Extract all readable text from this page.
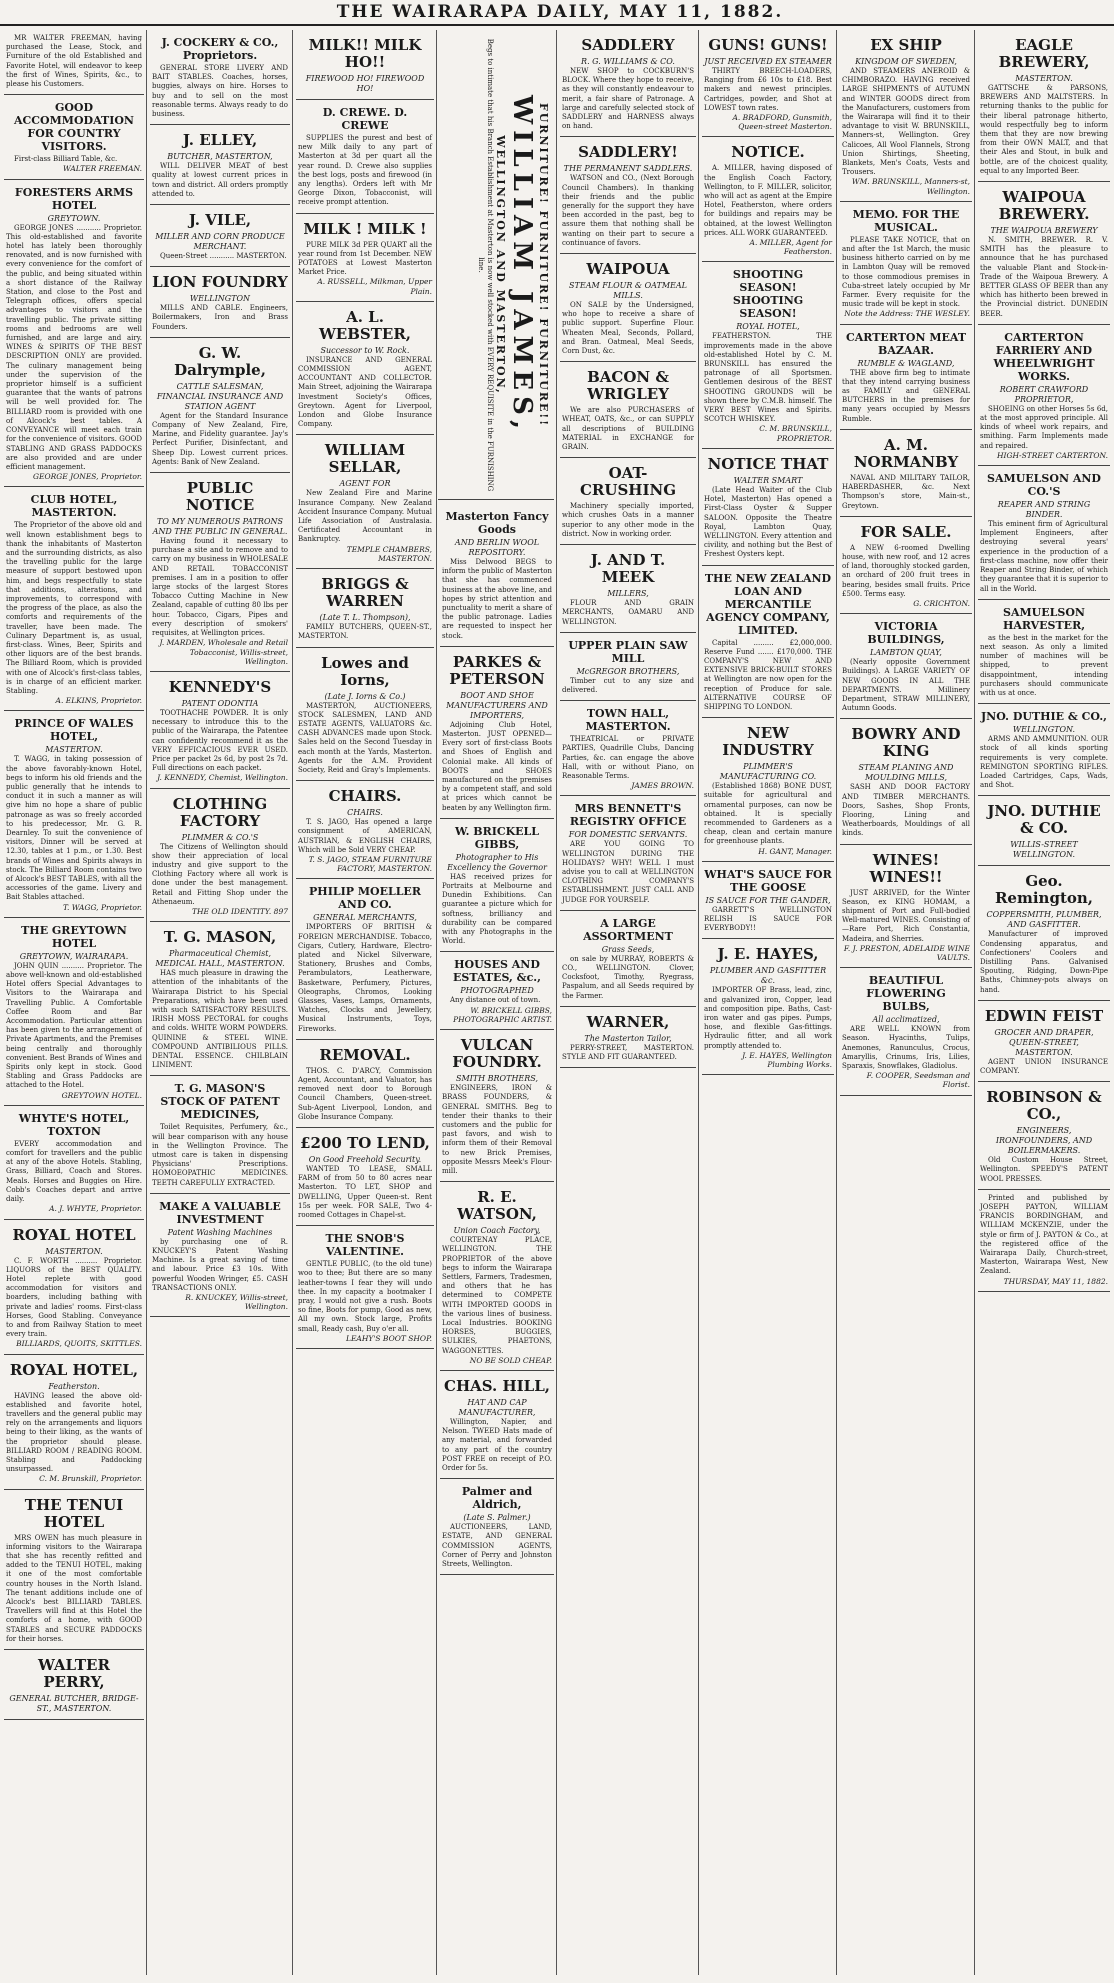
THE WAIRARAPA DAILY, MAY 11, 1882.
MR WALTER FREEMAN, having purchased the Lease, Stock, and Furniture of the old Established and Favorite Hotel, will endeavor to keep the first of Wines, Spirits, &c., to please his Customers.
GOOD ACCOMMODATION FOR COUNTRY VISITORS.
First-class Billiard Table, &c.
WALTER FREEMAN.
FORESTERS ARMS HOTEL
GREYTOWN.
GEORGE JONES ........... Proprietor. This old-established and favorite hotel has lately been thoroughly renovated, and is now furnished with every convenience for the comfort of the public, and being situated within a short distance of the Railway Station, and close to the Post and Telegraph offices, offers special advantages to visitors and the travelling public. The private sitting rooms and bedrooms are well furnished, and are large and airy. WINES & SPIRITS OF THE BEST DESCRIPTION ONLY are provided. The culinary management being under the supervision of the proprietor himself is a sufficient guarantee that the wants of patrons will be well provided for. The BILLIARD room is provided with one of Alcock's best tables. A CONVEYANCE will meet each train for the convenience of visitors. GOOD STABLING AND GRASS PADDOCKS are also provided and are under efficient management.
GEORGE JONES, Proprietor.
CLUB HOTEL, MASTERTON.
The Proprietor of the above old and well known establishment begs to thank the inhabitants of Masterton and the surrounding districts, as also the travelling public for the large measure of support bestowed upon him, and begs respectfully to state that additions, alterations, and improvements, to correspond with the progress of the place, as also the comforts and requirements of the traveller, have been made. The Culinary Department is, as usual, first-class. Wines, Beer, Spirits and other liquors are of the best brands. The Billiard Room, which is provided with one of Alcock's first-class tables, is in charge of an efficient marker. Stabling.
A. ELKINS, Proprietor.
PRINCE OF WALES HOTEL,
MASTERTON.
T. WAGG, in taking possession of the above favorably-known Hotel, begs to inform his old friends and the public generally that he intends to conduct it in such a manner as will give him no hope a share of public patronage as was so freely accorded to his predecessor, Mr. G. R. Dearnley. To suit the convenience of visitors, Dinner will be served at 12.30, tables at 1 p.m., or 1.30. Best brands of Wines and Spirits always in stock. The Billiard Room contains two of Alcock's BEST TABLES, with all the accessories of the game. Livery and Bait Stables attached.
T. WAGG, Proprietor.
THE GREYTOWN HOTEL
GREYTOWN, WAIRARAPA.
JOHN QUIN .......... Proprietor. The above well-known and old-established Hotel offers Special Advantages to Visitors to the Wairarapa and Travelling Public. A Comfortable Coffee Room and Bar Accommodation. Particular attention has been given to the arrangement of Private Apartments, and the Premises being centrally and thoroughly convenient. Best Brands of Wines and Spirits only kept in stock. Good Stabling and Grass Paddocks are attached to the Hotel.
GREYTOWN HOTEL.
WHYTE'S HOTEL, TOXTON
EVERY accommodation and comfort for travellers and the public at any of the above Hotels. Stabling, Grass, Billiard, Coach and Stores. Meals. Horses and Buggies on Hire. Cobb's Coaches depart and arrive daily.
A. J. WHYTE, Proprietor.
ROYAL HOTEL
MASTERTON.
C. F. WORTH .......... Proprietor. LIQUORS of the BEST QUALITY. Hotel replete with good accommodation for visitors and boarders, including bathing with private and ladies' rooms. First-class Horses, Good Stabling. Conveyance to and from Railway Station to meet every train.
BILLIARDS, QUOITS, SKITTLES.
ROYAL HOTEL,
Featherston.
HAVING leased the above old-established and favorite hotel, travellers and the general public may rely on the arrangements and liquors being to their liking, as the wants of the proprietor should please. BILLIARD ROOM / READING ROOM. Stabling and Paddocking unsurpassed.
C. M. Brunskill, Proprietor.
THE TENUI HOTEL
MRS OWEN has much pleasure in informing visitors to the Wairarapa that she has recently refitted and added to the TENUI HOTEL, making it one of the most comfortable country houses in the North Island. The tenant additions include one of Alcock's best BILLIARD TABLES. Travellers will find at this Hotel the comforts of a home, with GOOD STABLES and SECURE PADDOCKS for their horses.
WALTER PERRY,
GENERAL BUTCHER, BRIDGE-ST., MASTERTON.
J. COCKERY & CO., Proprietors.
GENERAL STORE LIVERY AND BAIT STABLES. Coaches, horses, buggies, always on hire. Horses to buy and to sell on the most reasonable terms. Always ready to do business.
J. ELLEY,
BUTCHER, MASTERTON,
WILL DELIVER MEAT of best quality at lowest current prices in town and district. All orders promptly attended to.
J. VILE,
MILLER AND CORN PRODUCE MERCHANT.
Queen-Street ........... MASTERTON.
LION FOUNDRY
WELLINGTON
MILLS AND CABLE. Engineers, Boilermakers, Iron and Brass Founders.
G. W. Dalrymple,
CATTLE SALESMAN, FINANCIAL INSURANCE AND STATION AGENT
Agent for the Standard Insurance Company of New Zealand, Fire, Marine, and Fidelity guarantee. Jay's Perfect Purifier, Disinfectant, and Sheep Dip. Lowest current prices. Agents: Bank of New Zealand.
PUBLIC NOTICE
TO MY NUMEROUS PATRONS AND THE PUBLIC IN GENERAL.
Having found it necessary to purchase a site and to remove and to carry on my business in WHOLESALE AND RETAIL TOBACCONIST premises. I am in a position to offer large stocks of the largest Stores Tobacco Cutting Machine in New Zealand, capable of cutting 80 lbs per hour. Tobacco, Cigars, Pipes and every description of smokers' requisites, at Wellington prices.
J. MARDEN, Wholesale and Retail Tobacconist, Willis-street, Wellington.
KENNEDY'S
PATENT ODONTIA
TOOTHACHE POWDER. It is only necessary to introduce this to the public of the Wairarapa, the Patentee can confidently recommend it as the VERY EFFICACIOUS EVER USED. Price per packet 2s 6d, by post 2s 7d. Full directions on each packet.
J. KENNEDY, Chemist, Wellington.
CLOTHING FACTORY
PLIMMER & CO.'S
The Citizens of Wellington should show their appreciation of local industry and give support to the Clothing Factory where all work is done under the best management. Retail and Fitting Shop under the Athenaeum.
THE OLD IDENTITY. 897
T. G. MASON,
Pharmaceutical Chemist, MEDICAL HALL, MASTERTON.
HAS much pleasure in drawing the attention of the inhabitants of the Wairarapa District to his Special Preparations, which have been used with such SATISFACTORY RESULTS. IRISH MOSS PECTORAL for coughs and colds. WHITE WORM POWDERS. QUININE & STEEL WINE. COMPOUND ANTIBILIOUS PILLS. DENTAL ESSENCE. CHILBLAIN LINIMENT.
T. G. MASON'S STOCK OF PATENT MEDICINES,
Toilet Requisites, Perfumery, &c., will bear comparison with any house in the Wellington Province. The utmost care is taken in dispensing Physicians' Prescriptions. HOMOEOPATHIC MEDICINES. TEETH CAREFULLY EXTRACTED.
MAKE A VALUABLE INVESTMENT
Patent Washing Machines
by purchasing one of R. KNUCKEY'S Patent Washing Machine. Is a great saving of time and labour. Price £3 10s. With powerful Wooden Wringer, £5. CASH TRANSACTIONS ONLY.
R. KNUCKEY, Willis-street, Wellington.
MILK!! MILK HO!!
FIREWOOD HO! FIREWOOD HO!
D. CREWE. D. CREWE
SUPPLIES the purest and best of new Milk daily to any part of Masterton at 3d per quart all the year round. D. Crewe also supplies the best logs, posts and firewood (in any lengths). Orders left with Mr George Dixon, Tobacconist, will receive prompt attention.
MILK ! MILK !
PURE MILK 3d PER QUART all the year round from 1st December. NEW POTATOES at Lowest Masterton Market Price.
A. RUSSELL, Milkman, Upper Plain.
A. L. WEBSTER,
Successor to W. Rock.
INSURANCE AND GENERAL COMMISSION AGENT, ACCOUNTANT AND COLLECTOR. Main Street, adjoining the Wairarapa Investment Society's Offices, Greytown. Agent for Liverpool, London and Globe Insurance Company.
WILLIAM SELLAR,
AGENT FOR
New Zealand Fire and Marine Insurance Company. New Zealand Accident Insurance Company. Mutual Life Association of Australasia. Certificated Accountant in Bankruptcy.
TEMPLE CHAMBERS, MASTERTON.
BRIGGS & WARREN
(Late T. L. Thompson),
FAMILY BUTCHERS, QUEEN-ST., MASTERTON.
Lowes and Iorns,
(Late J. Iorns & Co.)
MASTERTON, AUCTIONEERS, STOCK SALESMEN, LAND AND ESTATE AGENTS, VALUATORS &c. CASH ADVANCES made upon Stock. Sales held on the Second Tuesday in each month at the Yards, Masterton. Agents for the A.M. Provident Society, Reid and Gray's Implements.
CHAIRS.
CHAIRS.
T. S. JAGO, Has opened a large consignment of AMERICAN, AUSTRIAN, & ENGLISH CHAIRS, Which will be Sold VERY CHEAP.
T. S. JAGO, STEAM FURNITURE FACTORY, MASTERTON.
PHILIP MOELLER AND CO.
GENERAL MERCHANTS,
IMPORTERS OF BRITISH & FOREIGN MERCHANDISE. Tobacco, Cigars, Cutlery, Hardware, Electro-plated and Nickel Silverware, Stationery, Brushes and Combs, Perambulators, Leatherware, Basketware, Perfumery, Pictures, Oleographs, Chromos, Looking Glasses, Vases, Lamps, Ornaments, Watches, Clocks and Jewellery, Musical Instruments, Toys, Fireworks.
REMOVAL.
THOS. C. D'ARCY, Commission Agent, Accountant, and Valuator, has removed next door to Borough Council Chambers, Queen-street. Sub-Agent Liverpool, London, and Globe Insurance Company.
£200 TO LEND,
On Good Freehold Security.
WANTED TO LEASE, SMALL FARM of from 50 to 80 acres near Masterton. TO LET, SHOP and DWELLING, Upper Queen-st. Rent 15s per week. FOR SALE, Two 4-roomed Cottages in Chapel-st.
THE SNOB'S VALENTINE.
GENTLE PUBLIC, (to the old tune) woo to thee; But there are so many leather-towns I fear they will undo thee. In my capacity a bootmaker I pray, I would not give a rush. Boots so fine, Boots for pump, Good as new, All my own. Stock large, Profits small, Ready cash, Buy o'er all.
LEAHY'S BOOT SHOP.
FURNITURE! FURNITURE! FURNITURE!!
WILLIAM JAMES,
WELLINGTON AND MASTERTON,
Begs to intimate that his Branch Establishment at Masterton is now well stocked with EVERY REQUISITE in the FURNISHING line.
Masterton Fancy Goods
AND BERLIN WOOL REPOSITORY.
Miss Delwood BEGS to inform the public of Masterton that she has commenced business at the above line, and hopes by strict attention and punctuality to merit a share of the public patronage. Ladies are requested to inspect her stock.
PARKES & PETERSON
BOOT AND SHOE MANUFACTURERS AND IMPORTERS,
Adjoining Club Hotel, Masterton. JUST OPENED—Every sort of first-class Boots and Shoes of English and Colonial make. All kinds of BOOTS and SHOES manufactured on the premises by a competent staff, and sold at prices which cannot be beaten by any Wellington firm.
W. BRICKELL GIBBS,
Photographer to His Excellency the Governor
HAS received prizes for Portraits at Melbourne and Dunedin Exhibitions. Can guarantee a picture which for softness, brilliancy and durability can be compared with any Photographs in the World.
HOUSES AND ESTATES, &c.,
PHOTOGRAPHED
Any distance out of town.
W. BRICKELL GIBBS, PHOTOGRAPHIC ARTIST.
VULCAN FOUNDRY.
SMITH BROTHERS,
ENGINEERS, IRON & BRASS FOUNDERS, & GENERAL SMITHS. Beg to tender their thanks to their customers and the public for past favors, and wish to inform them of their Removal to new Brick Premises, opposite Messrs Meek's Flour-mill.
R. E. WATSON,
Union Coach Factory,
COURTENAY PLACE, WELLINGTON. THE PROPRIETOR of the above begs to inform the Wairarapa Settlers, Farmers, Tradesmen, and others that he has determined to COMPETE WITH IMPORTED GOODS in the various lines of business. Local Industries. BOOKING HORSES, BUGGIES, SULKIES, PHAETONS, WAGGONETTES.
NO BE SOLD CHEAP.
CHAS. HILL,
HAT AND CAP MANUFACTURER,
Willington, Napier, and Nelson. TWEED Hats made of any material, and forwarded to any part of the country POST FREE on receipt of P.O. Order for 5s.
Palmer and Aldrich,
(Late S. Palmer.)
AUCTIONEERS, LAND, ESTATE, AND GENERAL COMMISSION AGENTS, Corner of Perry and Johnston Streets, Wellington.
SADDLERY
R. G. WILLIAMS & CO.
NEW SHOP to COCKBURN'S BLOCK. Where they hope to receive, as they will constantly endeavour to merit, a fair share of Patronage. A large and carefully selected stock of SADDLERY and HARNESS always on hand.
SADDLERY!
THE PERMANENT SADDLERS.
WATSON and CO., (Next Borough Council Chambers). In thanking their friends and the public generally for the support they have been accorded in the past, beg to assure them that nothing shall be wanting on their part to secure a continuance of favors.
WAIPOUA
STEAM FLOUR & OATMEAL MILLS.
ON SALE by the Undersigned, who hope to receive a share of public support. Superfine Flour. Wheaten Meal, Seconds, Pollard, and Bran. Oatmeal, Meal Seeds, Corn Dust, &c.
BACON & WRIGLEY
We are also PURCHASERS of WHEAT, OATS, &c., or can SUPPLY all descriptions of BUILDING MATERIAL in EXCHANGE for GRAIN.
OAT-CRUSHING
Machinery specially imported, which crushes Oats in a manner superior to any other mode in the district. Now in working order.
J. AND T. MEEK
MILLERS,
FLOUR AND GRAIN MERCHANTS, OAMARU AND WELLINGTON.
UPPER PLAIN SAW MILL
McGREGOR BROTHERS,
Timber cut to any size and delivered.
TOWN HALL, MASTERTON.
THEATRICAL or PRIVATE PARTIES, Quadrille Clubs, Dancing Parties, &c. can engage the above Hall, with or without Piano, on Reasonable Terms.
JAMES BROWN.
MRS BENNETT'S REGISTRY OFFICE
FOR DOMESTIC SERVANTS.
ARE YOU GOING TO WELLINGTON DURING THE HOLIDAYS? WHY! WELL I must advise you to call at WELLINGTON CLOTHING COMPANY'S ESTABLISHMENT. JUST CALL AND JUDGE FOR YOURSELF.
A LARGE ASSORTMENT
Grass Seeds,
on sale by MURRAY, ROBERTS & CO., WELLINGTON. Clover, Cocksfoot, Timothy, Ryegrass, Paspalum, and all Seeds required by the Farmer.
WARNER,
The Masterton Tailor,
PERRY-STREET, MASTERTON. STYLE AND FIT GUARANTEED.
GUNS! GUNS!
JUST RECEIVED EX STEAMER
THIRTY BREECH-LOADERS, Ranging from £6 10s to £18. Best makers and newest principles. Cartridges, powder, and Shot at LOWEST town rates.
A. BRADFORD, Gunsmith, Queen-street Masterton.
NOTICE.
A. MILLER, having disposed of the English Coach Factory, Wellington, to F. MILLER, solicitor, who will act as agent at the Empire Hotel, Featherston, where orders for buildings and repairs may be obtained, at the lowest Wellington prices. ALL WORK GUARANTEED.
A. MILLER, Agent for Featherston.
SHOOTING SEASON! SHOOTING SEASON!
ROYAL HOTEL,
FEATHERSTON. THE improvements made in the above old-established Hotel by C. M. BRUNSKILL has ensured the patronage of all Sportsmen. Gentlemen desirous of the BEST SHOOTING GROUNDS will be shown there by C.M.B. himself. The VERY BEST Wines and Spirits. SCOTCH WHISKEY.
C. M. BRUNSKILL, PROPRIETOR.
NOTICE THAT
WALTER SMART
(Late Head Waiter of the Club Hotel, Masterton) Has opened a First-Class Oyster & Supper SALOON. Opposite the Theatre Royal, Lambton Quay, WELLINGTON. Every attention and civility, and nothing but the Best of Freshest Oysters kept.
THE NEW ZEALAND LOAN AND MERCANTILE AGENCY COMPANY, LIMITED.
Capital ......... £2,000,000. Reserve Fund ....... £170,000. THE COMPANY'S NEW AND EXTENSIVE BRICK-BUILT STORES at Wellington are now open for the reception of Produce for sale. ALTERNATIVE COURSE OF SHIPPING TO LONDON.
NEW INDUSTRY
PLIMMER'S MANUFACTURING CO.
(Established 1868) BONE DUST, suitable for agricultural and ornamental purposes, can now be obtained. It is specially recommended to Gardeners as a cheap, clean and certain manure for greenhouse plants.
H. GANT, Manager.
WHAT'S SAUCE FOR THE GOOSE
IS SAUCE FOR THE GANDER,
GARRETT'S WELLINGTON RELISH IS SAUCE FOR EVERYBODY!!
J. E. HAYES,
PLUMBER AND GASFITTER &c.
IMPORTER OF Brass, lead, zinc, and galvanized iron, Copper, lead and composition pipe. Baths, Cast-iron water and gas pipes. Pumps, hose, and flexible Gas-fittings. Hydraulic fitter, and all work promptly attended to.
J. E. HAYES, Wellington Plumbing Works.
EX SHIP
KINGDOM OF SWEDEN,
AND STEAMERS ANEROID & CHIMBORAZO. HAVING received LARGE SHIPMENTS of AUTUMN and WINTER GOODS direct from the Manufacturers, customers from the Wairarapa will find it to their advantage to visit W. BRUNSKILL, Manners-st, Wellington. Grey Calicoes, All Wool Flannels, Strong Union Shirtings, Sheeting, Blankets, Men's Coats, Vests and Trousers.
WM. BRUNSKILL, Manners-st, Wellington.
MEMO. FOR THE MUSICAL.
PLEASE TAKE NOTICE, that on and after the 1st March, the music business hitherto carried on by me in Lambton Quay will be removed to those commodious premises in Cuba-street lately occupied by Mr Farmer. Every requisite for the music trade will be kept in stock.
Note the Address: THE WESLEY.
CARTERTON MEAT BAZAAR.
RUMBLE & WAGLAND,
THE above firm beg to intimate that they intend carrying business as FAMILY and GENERAL BUTCHERS in the premises for many years occupied by Messrs Rumble.
A. M. NORMANBY
NAVAL AND MILITARY TAILOR, HABERDASHER, &c. Next Thompson's store, Main-st., Greytown.
FOR SALE.
A NEW 6-roomed Dwelling house, with new roof, and 12 acres of land, thoroughly stocked garden, an orchard of 200 fruit trees in bearing, besides small fruits. Price £500. Terms easy.
G. CRICHTON.
VICTORIA BUILDINGS,
LAMBTON QUAY,
(Nearly opposite Government Buildings). A LARGE VARIETY OF NEW GOODS IN ALL THE DEPARTMENTS. Millinery Department, STRAW MILLINERY, Autumn Goods.
BOWRY AND KING
STEAM PLANING AND MOULDING MILLS,
SASH AND DOOR FACTORY AND TIMBER MERCHANTS. Doors, Sashes, Shop Fronts, Flooring, Lining and Weatherboards, Mouldings of all kinds.
WINES! WINES!!
JUST ARRIVED, for the Winter Season, ex KING HOMAM, a shipment of Port and Full-bodied Well-matured WINES. Consisting of—Rare Port, Rich Constantia, Madeira, and Sherries.
F. J. PRESTON, ADELAIDE WINE VAULTS.
BEAUTIFUL FLOWERING BULBS,
All acclimatized,
ARE WELL KNOWN from Season. Hyacinths, Tulips, Anemones, Ranunculus, Crocus, Amaryllis, Crinums, Iris, Lilies, Sparaxis, Snowflakes, Gladiolus.
F. COOPER, Seedsman and Florist.
EAGLE BREWERY,
MASTERTON.
GATTSCHE & PARSONS, BREWERS AND MALTSTERS. In returning thanks to the public for their liberal patronage hitherto, would respectfully beg to inform them that they are now brewing from their OWN MALT, and that their Ales and Stout, in bulk and bottle, are of the choicest quality, equal to any Imported Beer.
WAIPOUA BREWERY.
THE WAIPOUA BREWERY
N. SMITH, BREWER. R. V. SMITH has the pleasure to announce that he has purchased the valuable Plant and Stock-in-Trade of the Waipoua Brewery. A BETTER GLASS OF BEER than any which has hitherto been brewed in the Provincial district. DUNEDIN BEER.
CARTERTON FARRIERY AND WHEELWRIGHT WORKS.
ROBERT CRAWFORD PROPRIETOR,
SHOEING on other Horses 5s 6d, at the most approved principle. All kinds of wheel work repairs, and smithing. Farm Implements made and repaired.
HIGH-STREET CARTERTON.
SAMUELSON AND CO.'S
REAPER AND STRING BINDER.
This eminent firm of Agricultural Implement Engineers, after destroying several years' experience in the production of a first-class machine, now offer their Reaper and String Binder, of which they guarantee that it is superior to all in the World.
SAMUELSON HARVESTER,
as the best in the market for the next season. As only a limited number of machines will be shipped, to prevent disappointment, intending purchasers should communicate with us at once.
JNO. DUTHIE & CO.,
WELLINGTON.
ARMS AND AMMUNITION. OUR stock of all kinds sporting requirements is very complete. REMINGTON SPORTING RIFLES. Loaded Cartridges, Caps, Wads, and Shot.
JNO. DUTHIE & CO.
WILLIS-STREET WELLINGTON.
Geo. Remington,
COPPERSMITH, PLUMBER, AND GASFITTER.
Manufacturer of improved Condensing apparatus, and Confectioners' Coolers and Distilling Pans. Galvanised Spouting, Ridging, Down-Pipe Baths, Chimney-pots always on hand.
EDWIN FEIST
GROCER AND DRAPER, QUEEN-STREET, MASTERTON.
AGENT UNION INSURANCE COMPANY.
ROBINSON & CO.,
ENGINEERS, IRONFOUNDERS, AND BOILERMAKERS.
Old Custom House Street, Wellington. SPEEDY'S PATENT WOOL PRESSES.
Printed and published by JOSEPH PAYTON, WILLIAM FRANCIS BORDINGHAM, and WILLIAM MCKENZIE, under the style or firm of J. PAYTON & Co., at the registered office of the Wairarapa Daily, Church-street, Masterton, Wairarapa West, New Zealand.
THURSDAY, MAY 11, 1882.
